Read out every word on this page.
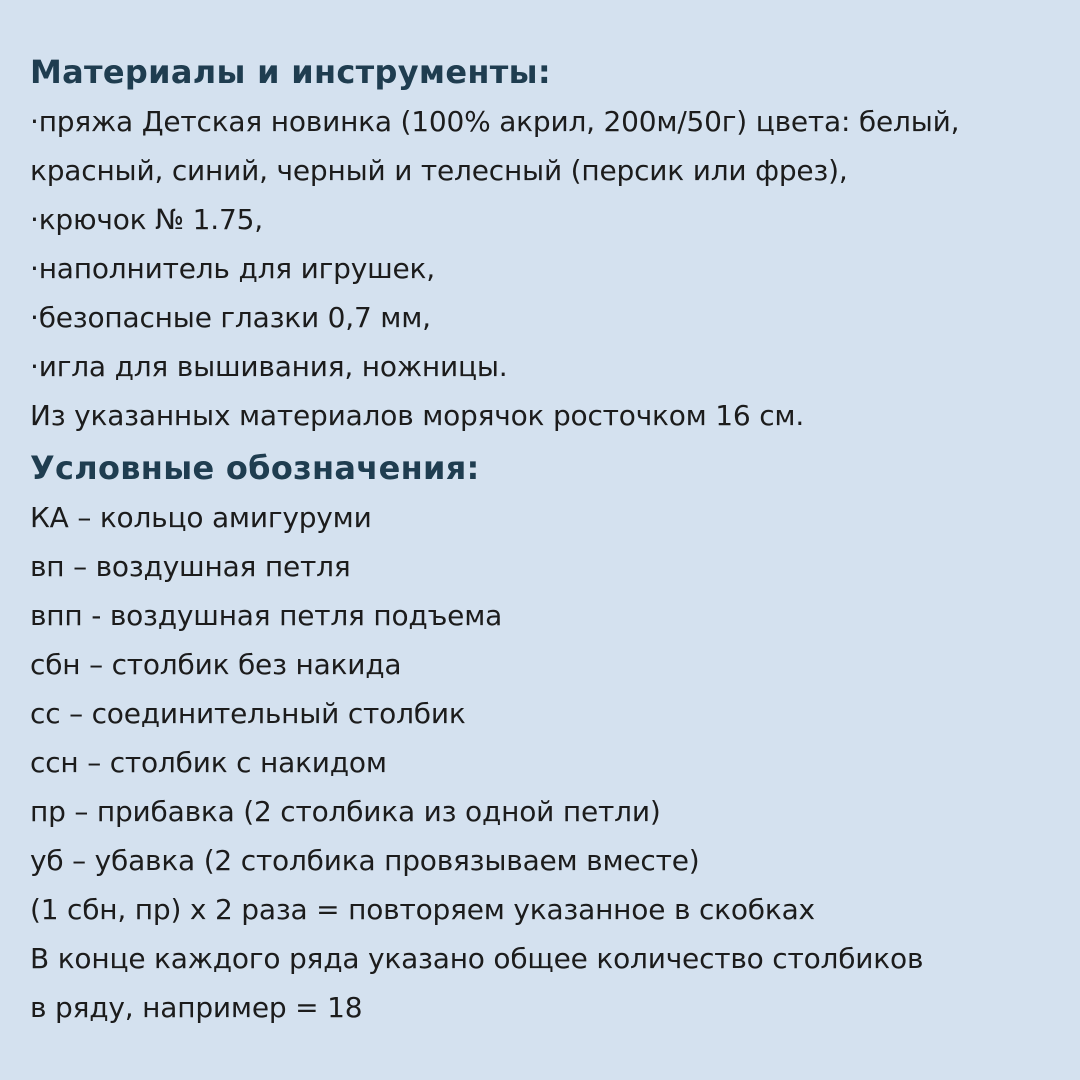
Материалы и инструменты:
·пряжа Детская новинка (100% акрил, 200м/50г) цвета: белый,
красный, синий, черный и телесный (персик или фрез),
·крючок № 1.75,
·наполнитель для игрушек,
·безопасные глазки 0,7 мм,
·игла для вышивания, ножницы.
Из указанных материалов морячок росточком 16 см.
Условные обозначения:
КА – кольцо амигуруми
вп – воздушная петля
впп - воздушная петля подъема
сбн – столбик без накида
сс – соединительный столбик
ссн – столбик с накидом
пр – прибавка (2 столбика из одной петли)
уб – убавка (2 столбика провязываем вместе)
(1 сбн, пр) х 2 раза = повторяем указанное в скобках
В конце каждого ряда указано общее количество столбиков
в ряду, например = 18
